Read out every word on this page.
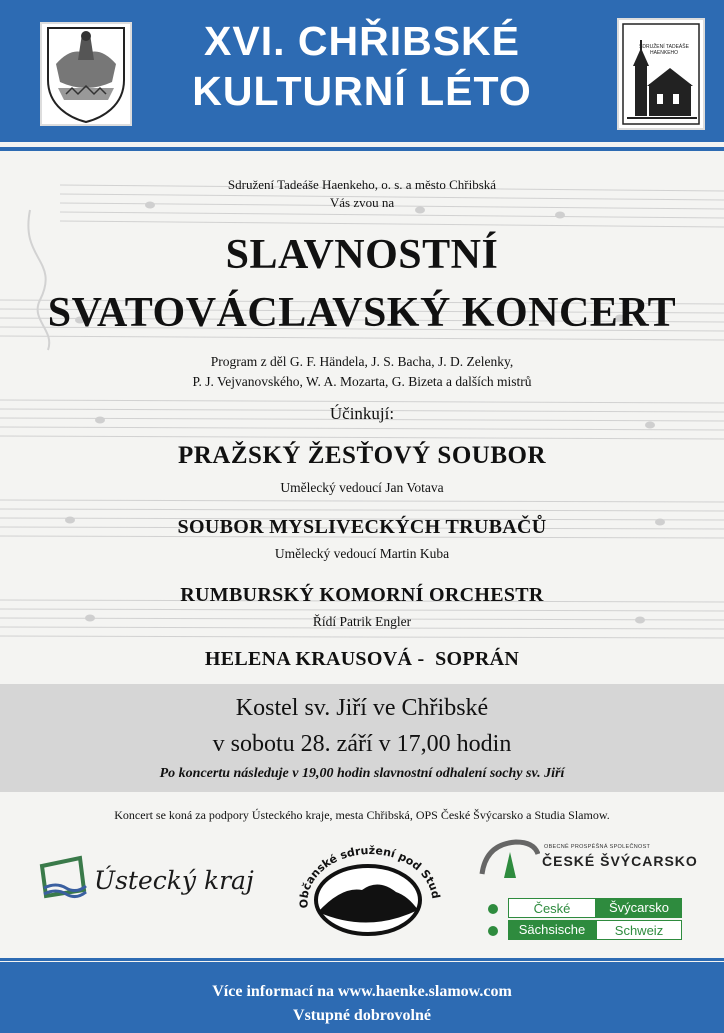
XVI. CHŘIBSKÉ
KULTURNÍ LÉTO
SDRUŽENÍ TADEÁŠE HAENKEHO
Sdružení Tadeáše Haenkeho, o. s. a město Chřibská
Vás zvou na
SLAVNOSTNÍ
SVATOVÁCLAVSKÝ KONCERT
Program z děl G. F. Händela, J. S. Bacha, J. D. Zelenky,
P. J. Vejvanovského, W. A. Mozarta, G. Bizeta a dalších mistrů
Účinkují:
PRAŽSKÝ ŽESŤOVÝ SOUBOR
Umělecký vedoucí Jan Votava
SOUBOR MYSLIVECKÝCH TRUBAČŮ
Umělecký vedoucí Martin Kuba
RUMBURSKÝ KOMORNÍ ORCHESTR
Řídí Patrik Engler
HELENA KRAUSOVÁ -  SOPRÁN
Kostel sv. Jiří ve Chřibské
v sobotu 28. září v 17,00 hodin
Po koncertu následuje v 19,00 hodin slavnostní odhalení sochy sv. Jiří
Koncert se koná za podpory Ústeckého kraje, mesta Chřibská, OPS České Švýcarsko a Studia Slamow.
Ústecký kraj
Občanské sdružení pod Stud
OBECNĚ PROSPĚŠNÁ SPOLEČNOST
ČESKÉ ŠVÝCARSKO
České	Švýcarsko
Sächsische	Schweiz
Více informací na www.haenke.slamow.com
Vstupné dobrovolné
